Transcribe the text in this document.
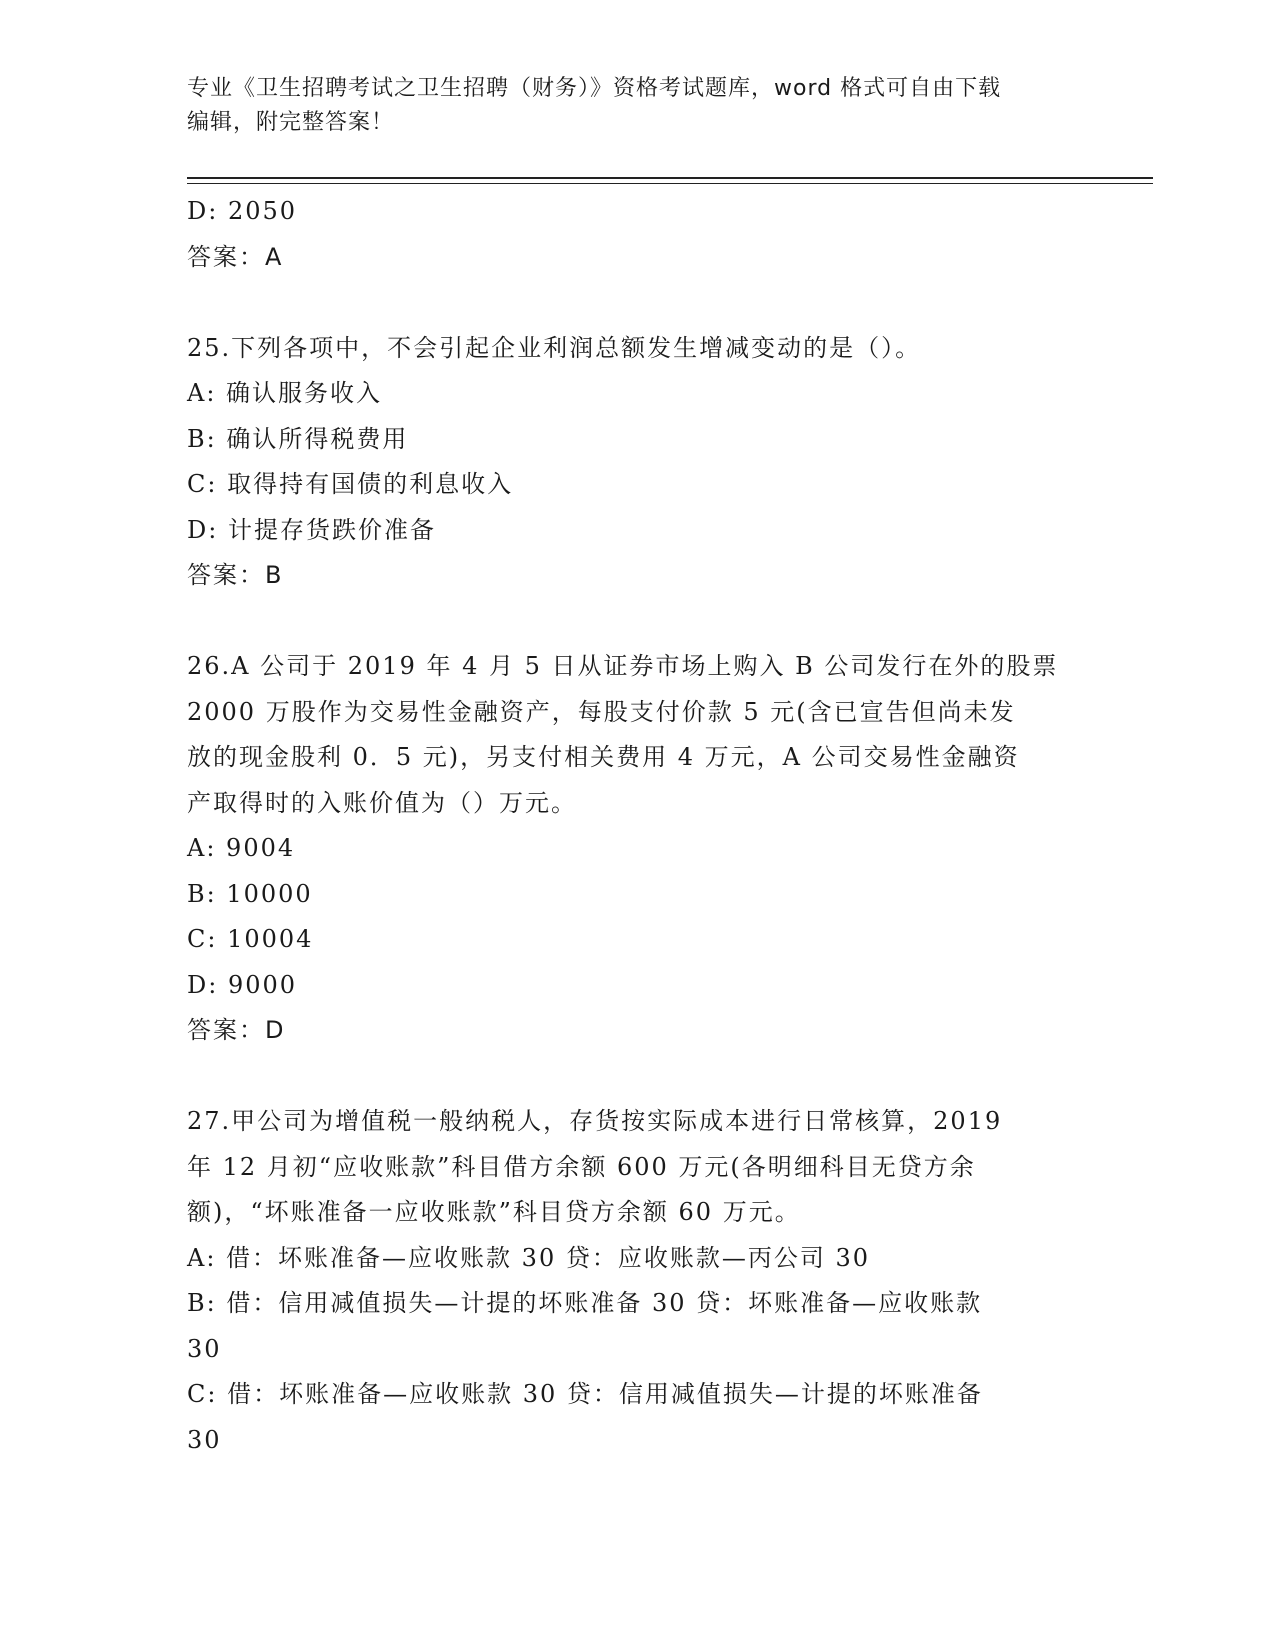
专业《卫生招聘考试之卫生招聘（财务）》资格考试题库，word 格式可自由下载
编辑，附完整答案！
D: 2050
答案：A
25.下列各项中，不会引起企业利润总额发生增减变动的是（）。
A: 确认服务收入
B: 确认所得税费用
C: 取得持有国债的利息收入
D: 计提存货跌价准备
答案：B
26.A 公司于 2019 年 4 月 5 日从证券市场上购入 B 公司发行在外的股票
2000 万股作为交易性金融资产，每股支付价款 5 元(含已宣告但尚未发
放的现金股利 0．5 元)，另支付相关费用 4 万元，A 公司交易性金融资
产取得时的入账价值为（）万元。
A: 9004
B: 10000
C: 10004
D: 9000
答案：D
27.甲公司为增值税一般纳税人，存货按实际成本进行日常核算，2019
年 12 月初“应收账款”科目借方余额 600 万元(各明细科目无贷方余
额)，“坏账准备一应收账款”科目贷方余额 60 万元。
A: 借：坏账准备—应收账款 30 贷：应收账款—丙公司 30
B: 借：信用减值损失—计提的坏账准备 30 贷：坏账准备—应收账款
30
C: 借：坏账准备—应收账款 30 贷：信用减值损失—计提的坏账准备
30
